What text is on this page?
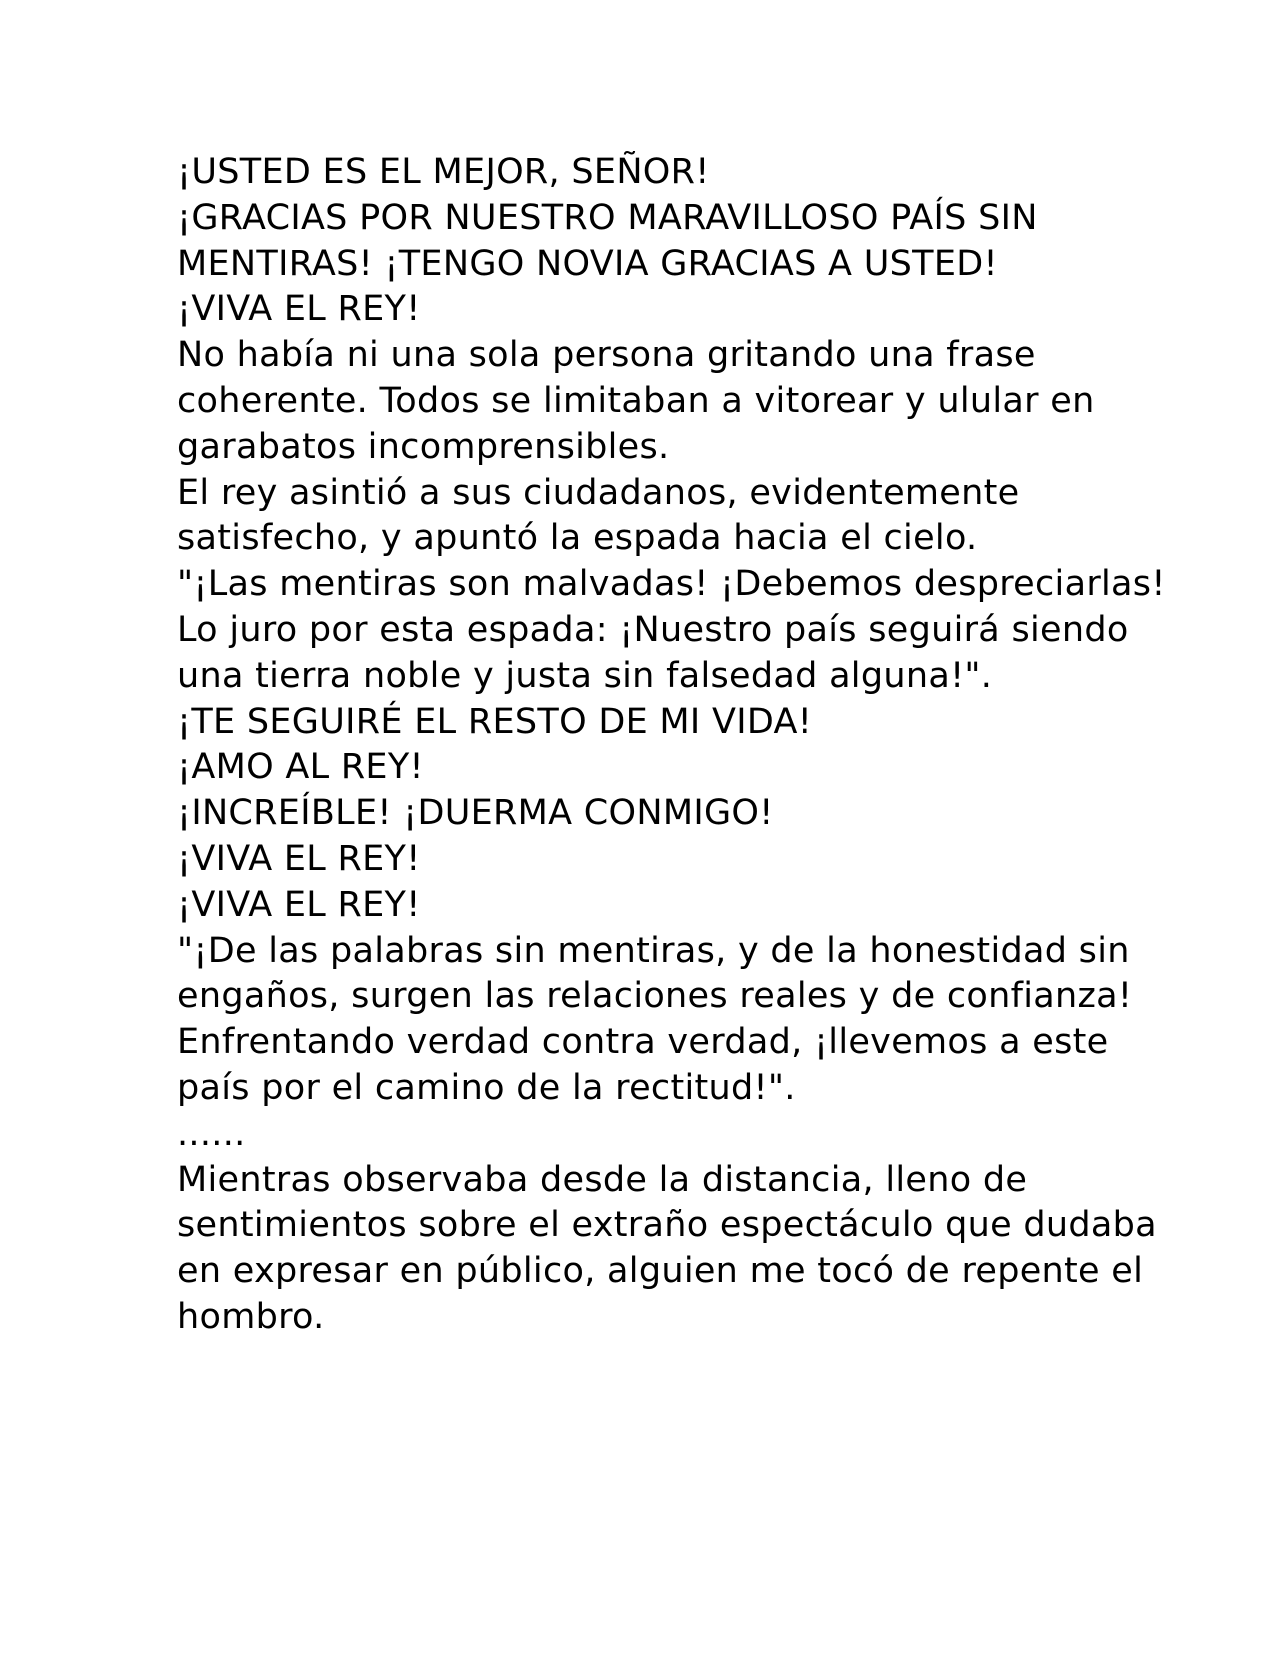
¡USTED ES EL MEJOR, SEÑOR!

¡GRACIAS POR NUESTRO MARAVILLOSO PAÍS SIN MENTIRAS! ¡TENGO NOVIA GRACIAS A USTED!

¡VIVA EL REY!

No había ni una sola persona gritando una frase coherente. Todos se limitaban a vitorear y ulular en garabatos incomprensibles.

El rey asintió a sus ciudadanos, evidentemente satisfecho, y apuntó la espada hacia el cielo.

"¡Las mentiras son malvadas! ¡Debemos despreciarlas! Lo juro por esta espada: ¡Nuestro país seguirá siendo una tierra noble y justa sin falsedad alguna!".

¡TE SEGUIRÉ EL RESTO DE MI VIDA!

¡AMO AL REY!

¡INCREÍBLE! ¡DUERMA CONMIGO!

¡VIVA EL REY!

¡VIVA EL REY!

"¡De las palabras sin mentiras, y de la honestidad sin engaños, surgen las relaciones reales y de confianza! Enfrentando verdad contra verdad, ¡llevemos a este país por el camino de la rectitud!".

......

Mientras observaba desde la distancia, lleno de sentimientos sobre el extraño espectáculo que dudaba en expresar en público, alguien me tocó de repente el hombro.
